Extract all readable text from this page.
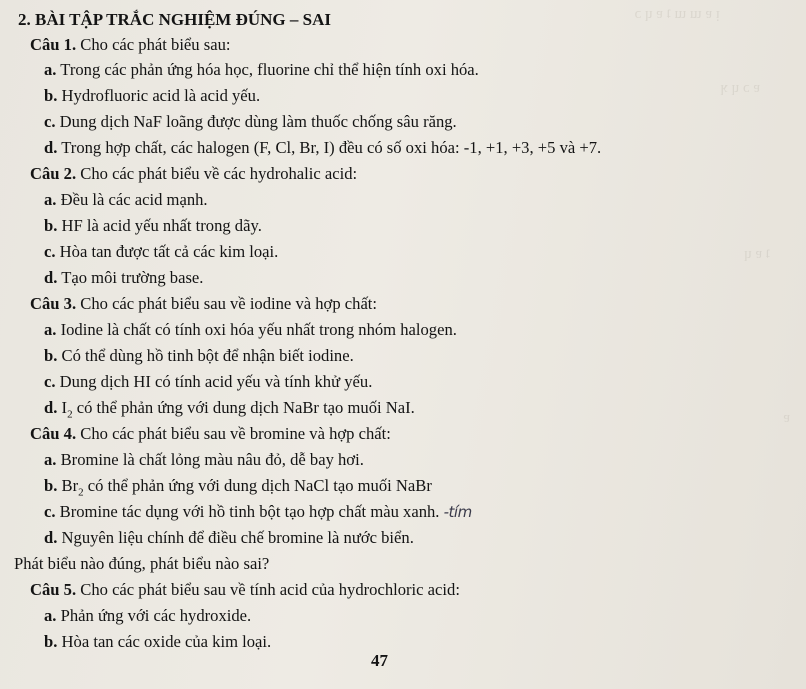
ᴉ ɐ ɯ ɯ ʇ ɐ ɥ ɔ
ɐ ɔ ɥ ʞ
ʇ ɐ ɥ
ɐ
2. BÀI TẬP TRẮC NGHIỆM ĐÚNG – SAI
Câu 1. Cho các phát biểu sau:
a. Trong các phản ứng hóa học, fluorine chỉ thể hiện tính oxi hóa.
b. Hydrofluoric acid là acid yếu.
c. Dung dịch NaF loãng được dùng làm thuốc chống sâu răng.
d. Trong hợp chất, các halogen (F, Cl, Br, I) đều có số oxi hóa: -1, +1, +3, +5 và +7.
Câu 2. Cho các phát biểu về các hydrohalic acid:
a. Đều là các acid mạnh.
b. HF là acid yếu nhất trong dãy.
c. Hòa tan được tất cả các kim loại.
d. Tạo môi trường base.
Câu 3. Cho các phát biểu sau về iodine và hợp chất:
a. Iodine là chất có tính oxi hóa yếu nhất trong nhóm halogen.
b. Có thể dùng hồ tinh bột để nhận biết iodine.
c. Dung dịch HI có tính acid yếu và tính khử yếu.
d. $I_2$ có thể phản ứng với dung dịch NaBr tạo muối NaI.
Câu 4. Cho các phát biểu sau về bromine và hợp chất:
a. Bromine là chất lỏng màu nâu đỏ, dễ bay hơi.
b. $Br_2$ có thể phản ứng với dung dịch NaCl tạo muối NaBr
c. Bromine tác dụng với hồ tinh bột tạo hợp chất màu xanh. -tím
d. Nguyên liệu chính để điều chế bromine là nước biển.
Phát biểu nào đúng, phát biểu nào sai?
Câu 5. Cho các phát biểu sau về tính acid của hydrochloric acid:
a. Phản ứng với các hydroxide.
b. Hòa tan các oxide của kim loại.
47
